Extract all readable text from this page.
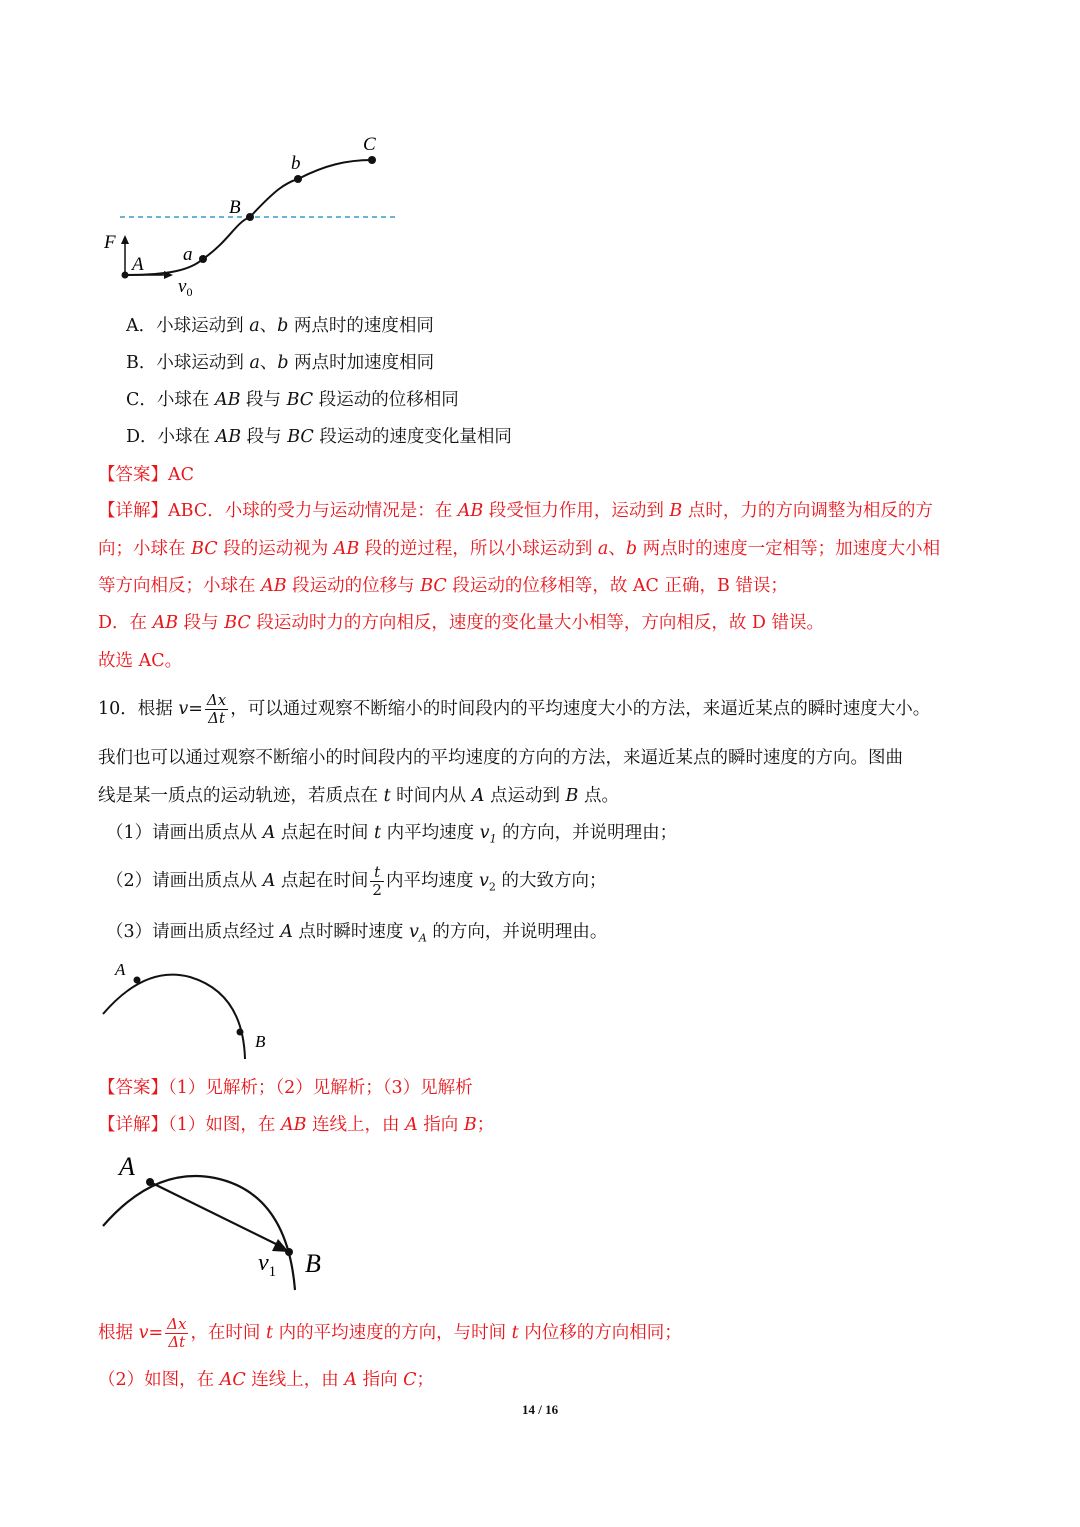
C
b
B
F
a
A
$v_0$
A．小球运动到 a、b 两点时的速度相同
B．小球运动到 a、b 两点时加速度相同
C．小球在 AB 段与 BC 段运动的位移相同
D．小球在 AB 段与 BC 段运动的速度变化量相同
【答案】AC
【详解】ABC．小球的受力与运动情况是：在 AB 段受恒力作用，运动到 B 点时，力的方向调整为相反的方
向；小球在 BC 段的运动视为 AB 段的逆过程，所以小球运动到 a、b 两点时的速度一定相等；加速度大小相
等方向相反；小球在 AB 段运动的位移与 BC 段运动的位移相等，故 AC 正确，B 错误；
D．在 AB 段与 BC 段运动时力的方向相反，速度的变化量大小相等，方向相反，故 D 错误。
故选 AC。
10．根据 $v= \frac{\Delta x}{\Delta t}$ ，可以通过观察不断缩小的时间段内的平均速度大小的方法，来逼近某点的瞬时速度大小。
我们也可以通过观察不断缩小的时间段内的平均速度的方向的方法，来逼近某点的瞬时速度的方向。图曲
线是某一质点的运动轨迹，若质点在 t 时间内从 A 点运动到 B 点。
（1）请画出质点从 A 点起在时间 t 内平均速度 $v_1$ 的方向，并说明理由；
（2）请画出质点从 A 点起在时间 $\frac{t}{2}$ 内平均速度 $v_2$ 的大致方向；
（3）请画出质点经过 A 点时瞬时速度 $v_A$ 的方向，并说明理由。
A
B
【答案】（1）见解析；（2）见解析；（3）见解析
【详解】（1）如图，在 AB 连线上，由 A 指向 B；
A
B
$v_1$
根据 $v= \frac{\Delta x}{\Delta t}$ ，在时间 t 内的平均速度的方向，与时间 t 内位移的方向相同；
（2）如图，在 AC 连线上，由 A 指向 C；
14 / 16
